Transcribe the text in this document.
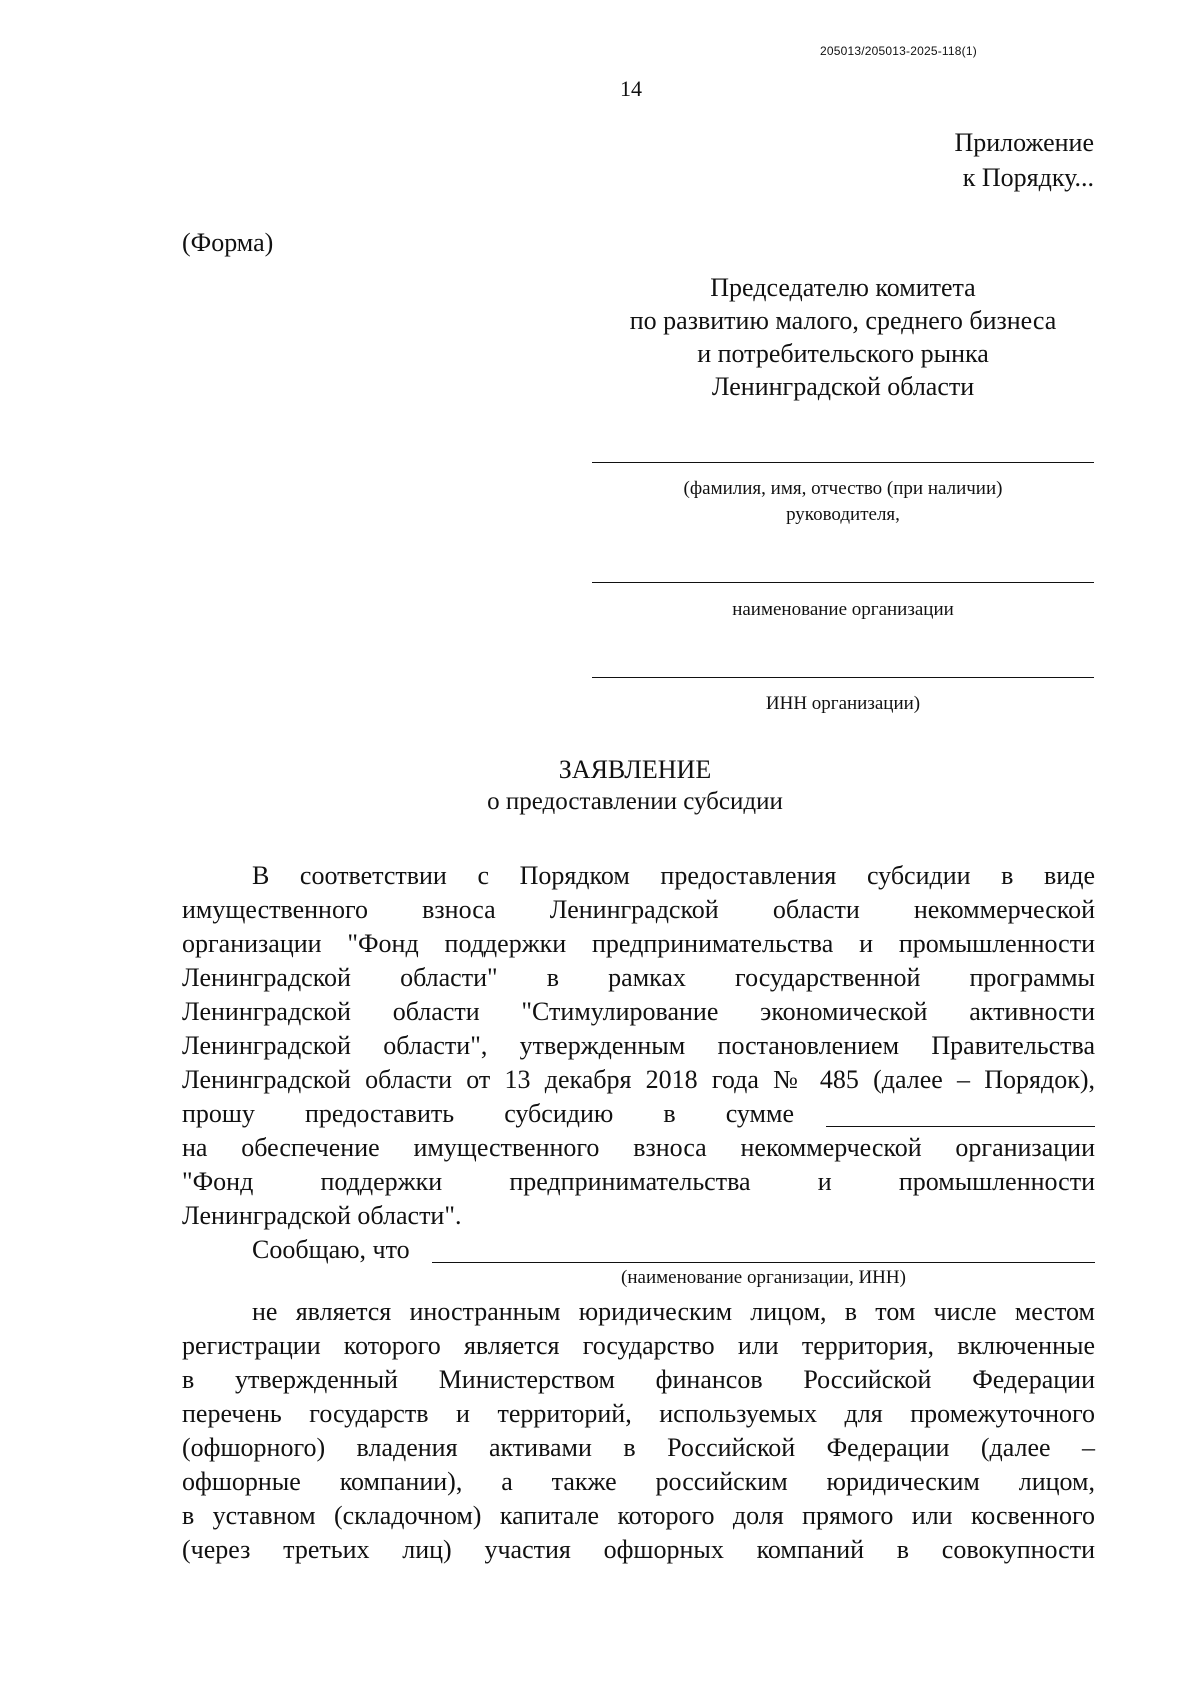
205013/205013-2025-118(1)
14
Приложение
к Порядку...
(Форма)
Председателю комитета
по развитию малого, среднего бизнеса
и потребительского рынка
Ленинградской области
(фамилия, имя, отчество (при наличии)
руководителя,
наименование организации
ИНН организации)
ЗАЯВЛЕНИЕ
о предоставлении субсидии
В соответствии с Порядком предоставления субсидии в виде
имущественного взноса Ленинградской области некоммерческой
организации "Фонд поддержки предпринимательства и промышленности
Ленинградской области" в рамках государственной программы
Ленинградской области "Стимулирование экономической активности
Ленинградской области", утвержденным постановлением Правительства
Ленинградской области от 13 декабря 2018 года № 485 (далее – Порядок),
прошу предоставить субсидию в сумме
на обеспечение имущественного взноса некоммерческой организации
"Фонд поддержки предпринимательства и промышленности
Ленинградской области".
Сообщаю, что
(наименование организации, ИНН)
не является иностранным юридическим лицом, в том числе местом
регистрации которого является государство или территория, включенные
в утвержденный Министерством финансов Российской Федерации
перечень государств и территорий, используемых для промежуточного
(офшорного) владения активами в Российской Федерации (далее –
офшорные компании), а также российским юридическим лицом,
в уставном (складочном) капитале которого доля прямого или косвенного
(через третьих лиц) участия офшорных компаний в совокупности
